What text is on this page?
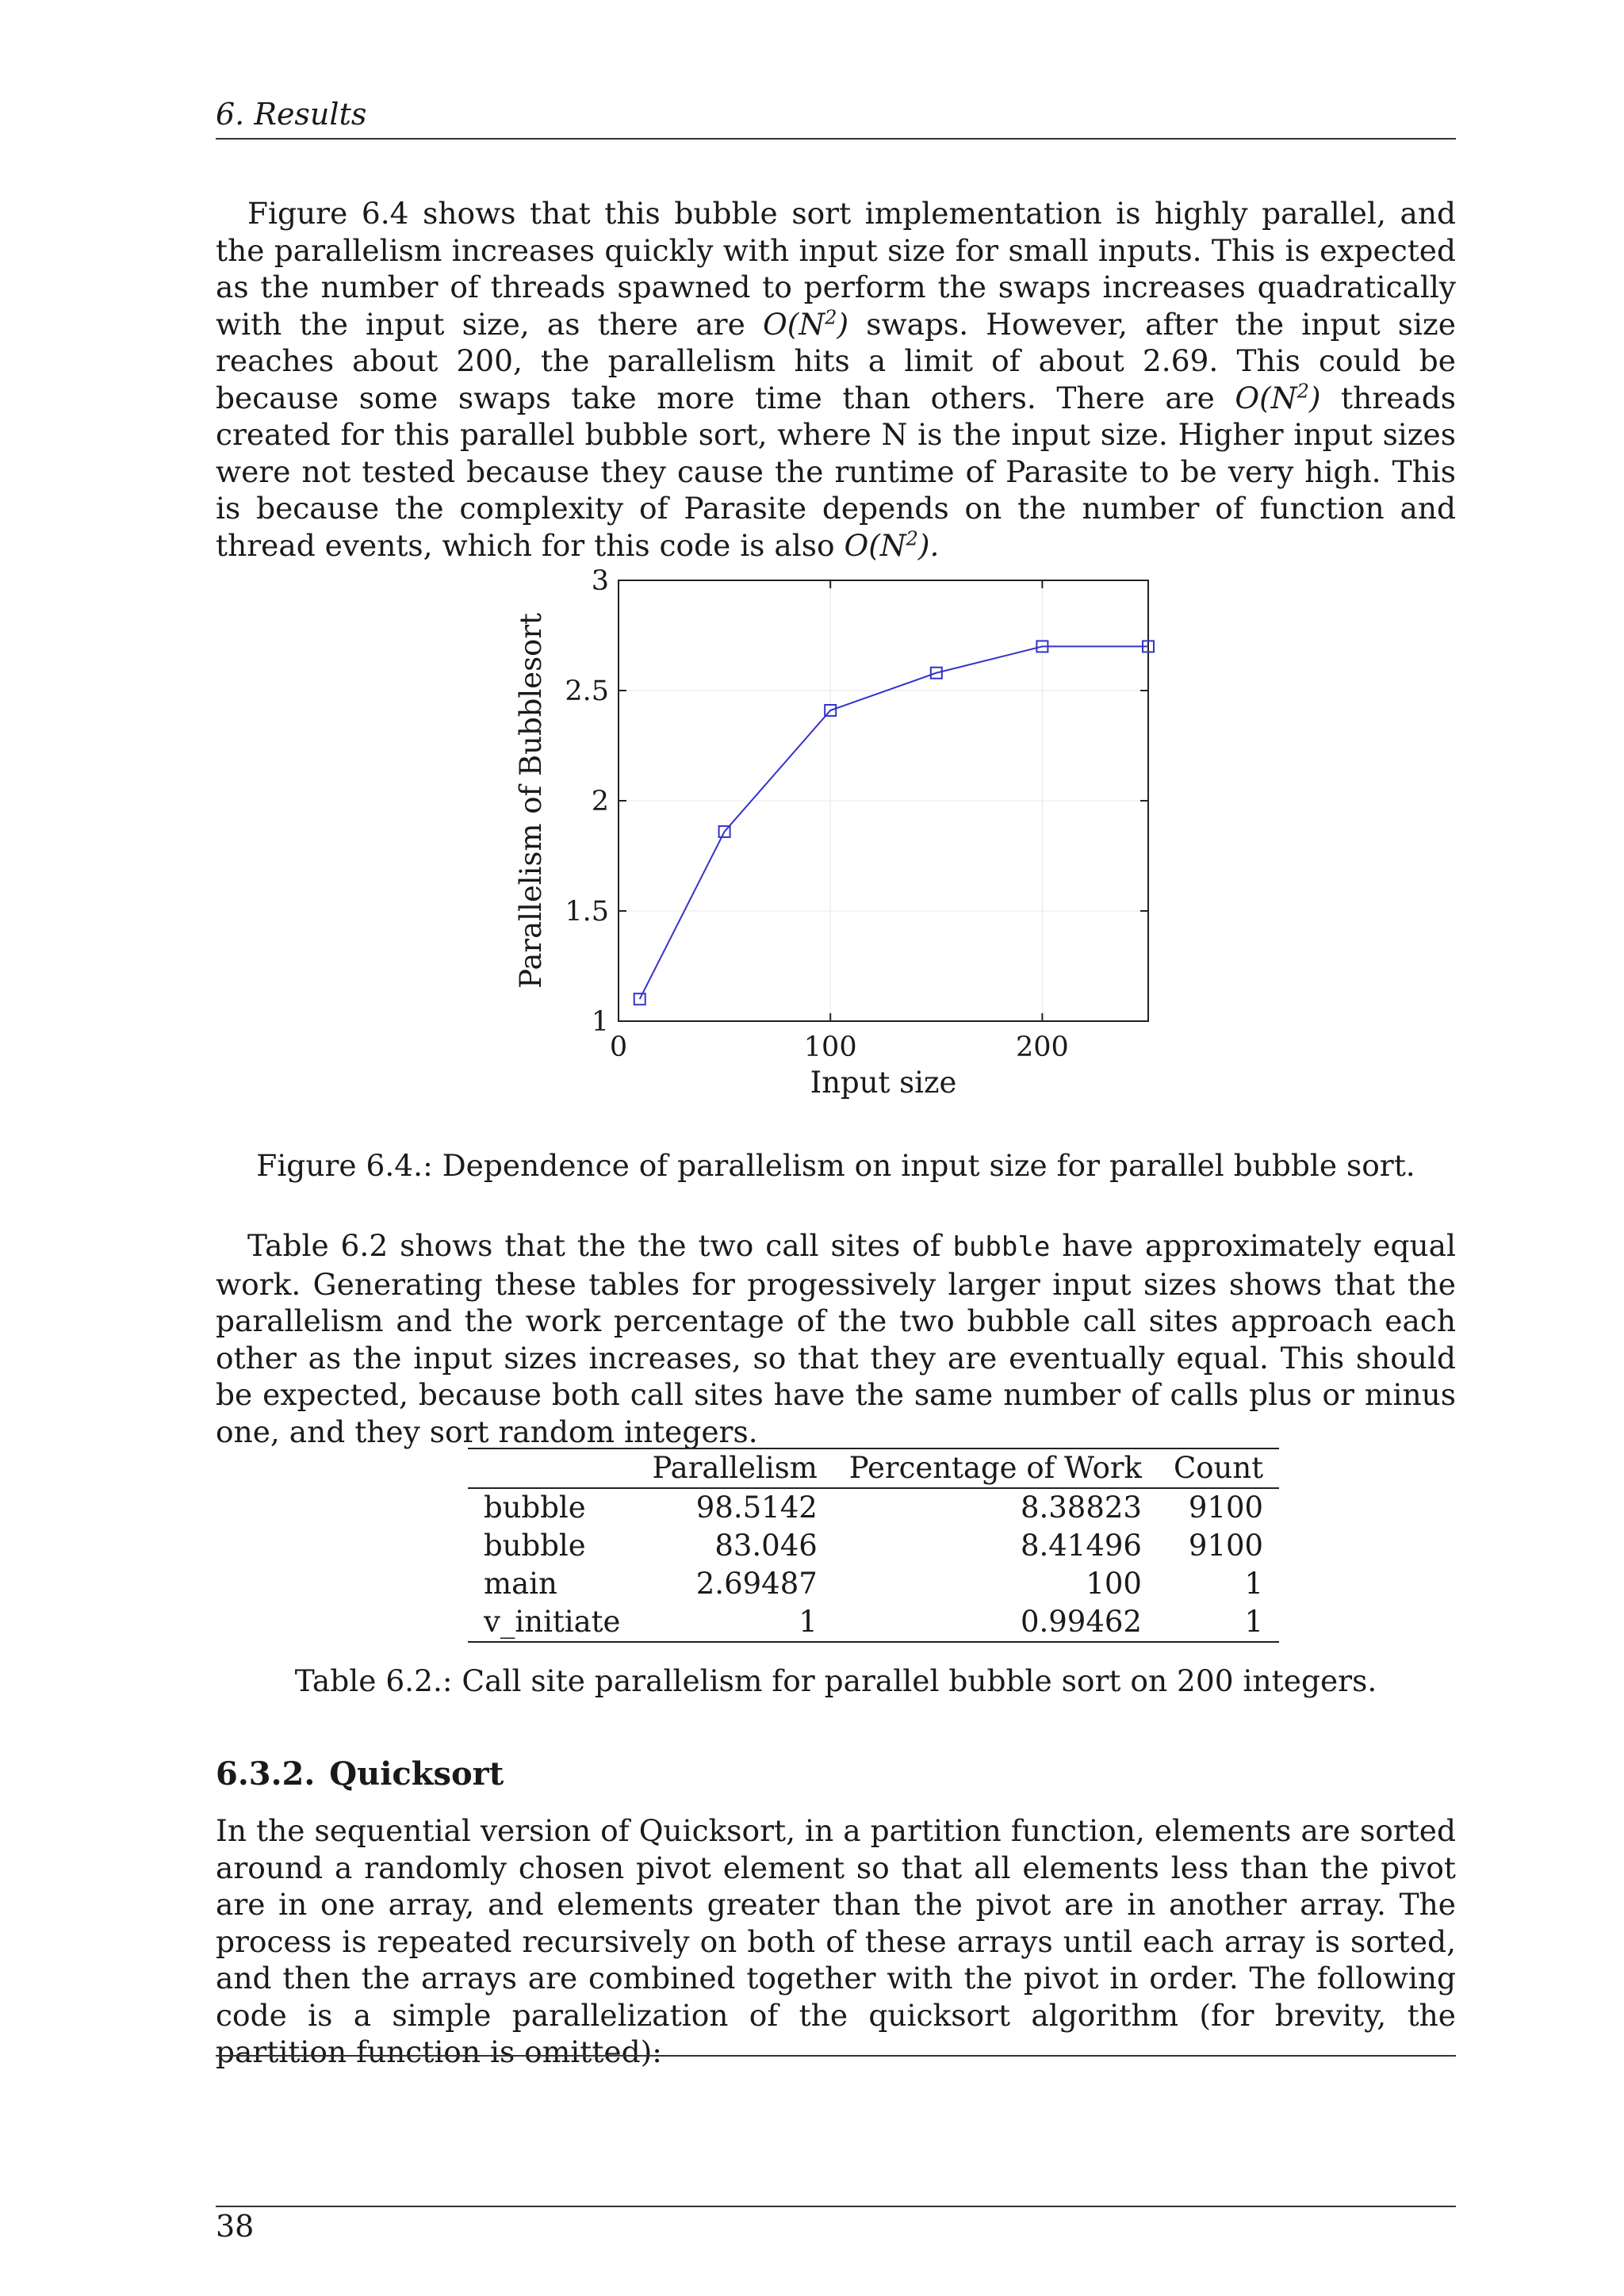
6. Results

Figure 6.4 shows that this bubble sort implementation is highly parallel, and the parallelism increases quickly with input size for small inputs. This is expected as the number of threads spawned to perform the swaps increases quadratically with the input size, as there are $O(N^2)$ swaps. However, after the input size reaches about 200, the parallelism hits a limit of about 2.69. This could be because some swaps take more time than others. There are $O(N^2)$ threads created for this parallel bubble sort, where N is the input size. Higher input sizes were not tested because they cause the runtime of Parasite to be very high. This is because the complexity of Parasite depends on the number of function and thread events, which for this code is also $O(N^2)$.

0	100	200
1
1.5
2
2.5
3
Input size
Parallelism of Bubblesort
Figure 6.4.: Dependence of parallelism on input size for parallel bubble sort.

Table 6.2 shows that the the two call sites of bubble have approximately equal work. Generating these tables for progessively larger input sizes shows that the parallelism and the work percentage of the two bubble call sites approach each other as the input sizes increases, so that they are eventually equal. This should be expected, because both call sites have the same number of calls plus or minus one, and they sort random integers.

	Parallelism	Percentage of Work	Count
bubble	98.5142	8.38823	9100
bubble	83.046	8.41496	9100
main	2.69487	100	1
v_initiate	1	0.99462	1
Table 6.2.: Call site parallelism for parallel bubble sort on 200 integers.
6.3.2. Quicksort

In the sequential version of Quicksort, in a partition function, elements are sorted around a randomly chosen pivot element so that all elements less than the pivot are in one array, and elements greater than the pivot are in another array. The process is repeated recursively on both of these arrays until each array is sorted, and then the arrays are combined together with the pivot in order. The following code is a simple parallelization of the quicksort algorithm (for brevity, the partition function is omitted):

38
